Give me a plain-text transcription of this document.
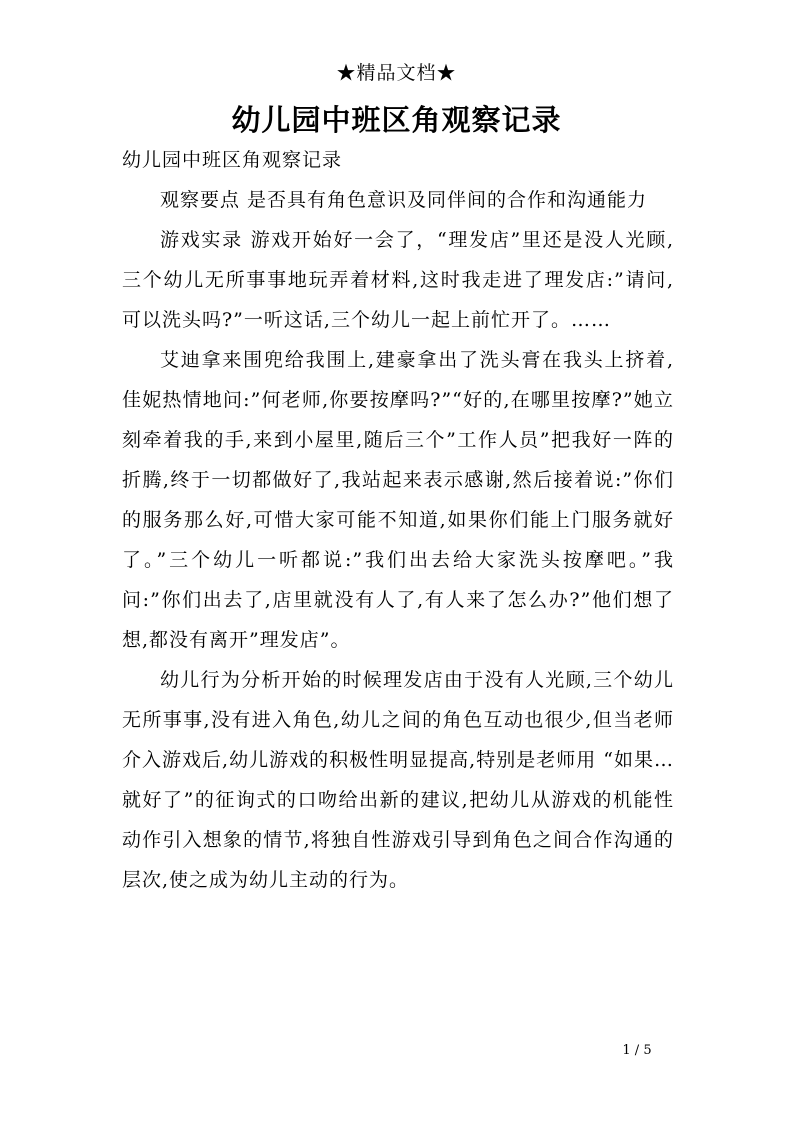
★精品文档★
幼儿园中班区角观察记录

幼儿园中班区角观察记录

观察要点 是否具有角色意识及同伴间的合作和沟通能力

游戏实录 游戏开始好一会了，“理发店”里还是没人光顾,三个幼儿无所事事地玩弄着材料,这时我走进了理发店:”请问,可以洗头吗?”一听这话,三个幼儿一起上前忙开了。……

艾迪拿来围兜给我围上,建豪拿出了洗头膏在我头上挤着,佳妮热情地问:”何老师,你要按摩吗?”“好的,在哪里按摩?”她立刻牵着我的手,来到小屋里,随后三个”工作人员”把我好一阵的折腾,终于一切都做好了,我站起来表示感谢,然后接着说:”你们的服务那么好,可惜大家可能不知道,如果你们能上门服务就好了。”三个幼儿一听都说:”我们出去给大家洗头按摩吧。”我问:”你们出去了,店里就没有人了,有人来了怎么办?”他们想了想,都没有离开”理发店”。

幼儿行为分析开始的时候理发店由于没有人光顾,三个幼儿无所事事,没有进入角色,幼儿之间的角色互动也很少,但当老师介入游戏后,幼儿游戏的积极性明显提高,特别是老师用 “如果…就好了”的征询式的口吻给出新的建议,把幼儿从游戏的机能性动作引入想象的情节,将独自性游戏引导到角色之间合作沟通的层次,使之成为幼儿主动的行为。

1 / 5
